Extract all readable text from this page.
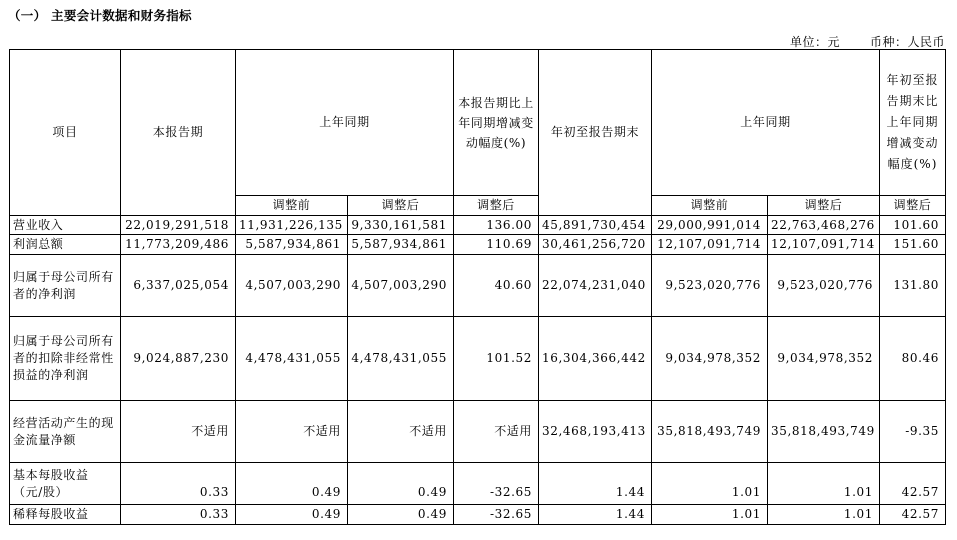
（一） 主要会计数据和财务指标
单位：元	币种：人民币
项目	本报告期	上年同期		本报告期比上年同期增减变动幅度(%)	年初至报告期末	上年同期		年初至报告期末比上年同期增减变动幅度(%)
		调整前	调整后	调整后		调整前	调整后	调整后
营业收入	22,019,291,518	11,931,226,135	9,330,161,581	136.00	45,891,730,454	29,000,991,014	22,763,468,276	101.60
利润总额	11,773,209,486	5,587,934,861	5,587,934,861	110.69	30,461,256,720	12,107,091,714	12,107,091,714	151.60
归属于母公司所有者的净利润	6,337,025,054	4,507,003,290	4,507,003,290	40.60	22,074,231,040	9,523,020,776	9,523,020,776	131.80
归属于母公司所有者的扣除非经常性损益的净利润	9,024,887,230	4,478,431,055	4,478,431,055	101.52	16,304,366,442	9,034,978,352	9,034,978,352	80.46
经营活动产生的现金流量净额	不适用	不适用	不适用	不适用	32,468,193,413	35,818,493,749	35,818,493,749	-9.35
基本每股收益（元/股）	0.33	0.49	0.49	-32.65	1.44	1.01	1.01	42.57
稀释每股收益	0.33	0.49	0.49	-32.65	1.44	1.01	1.01	42.57
